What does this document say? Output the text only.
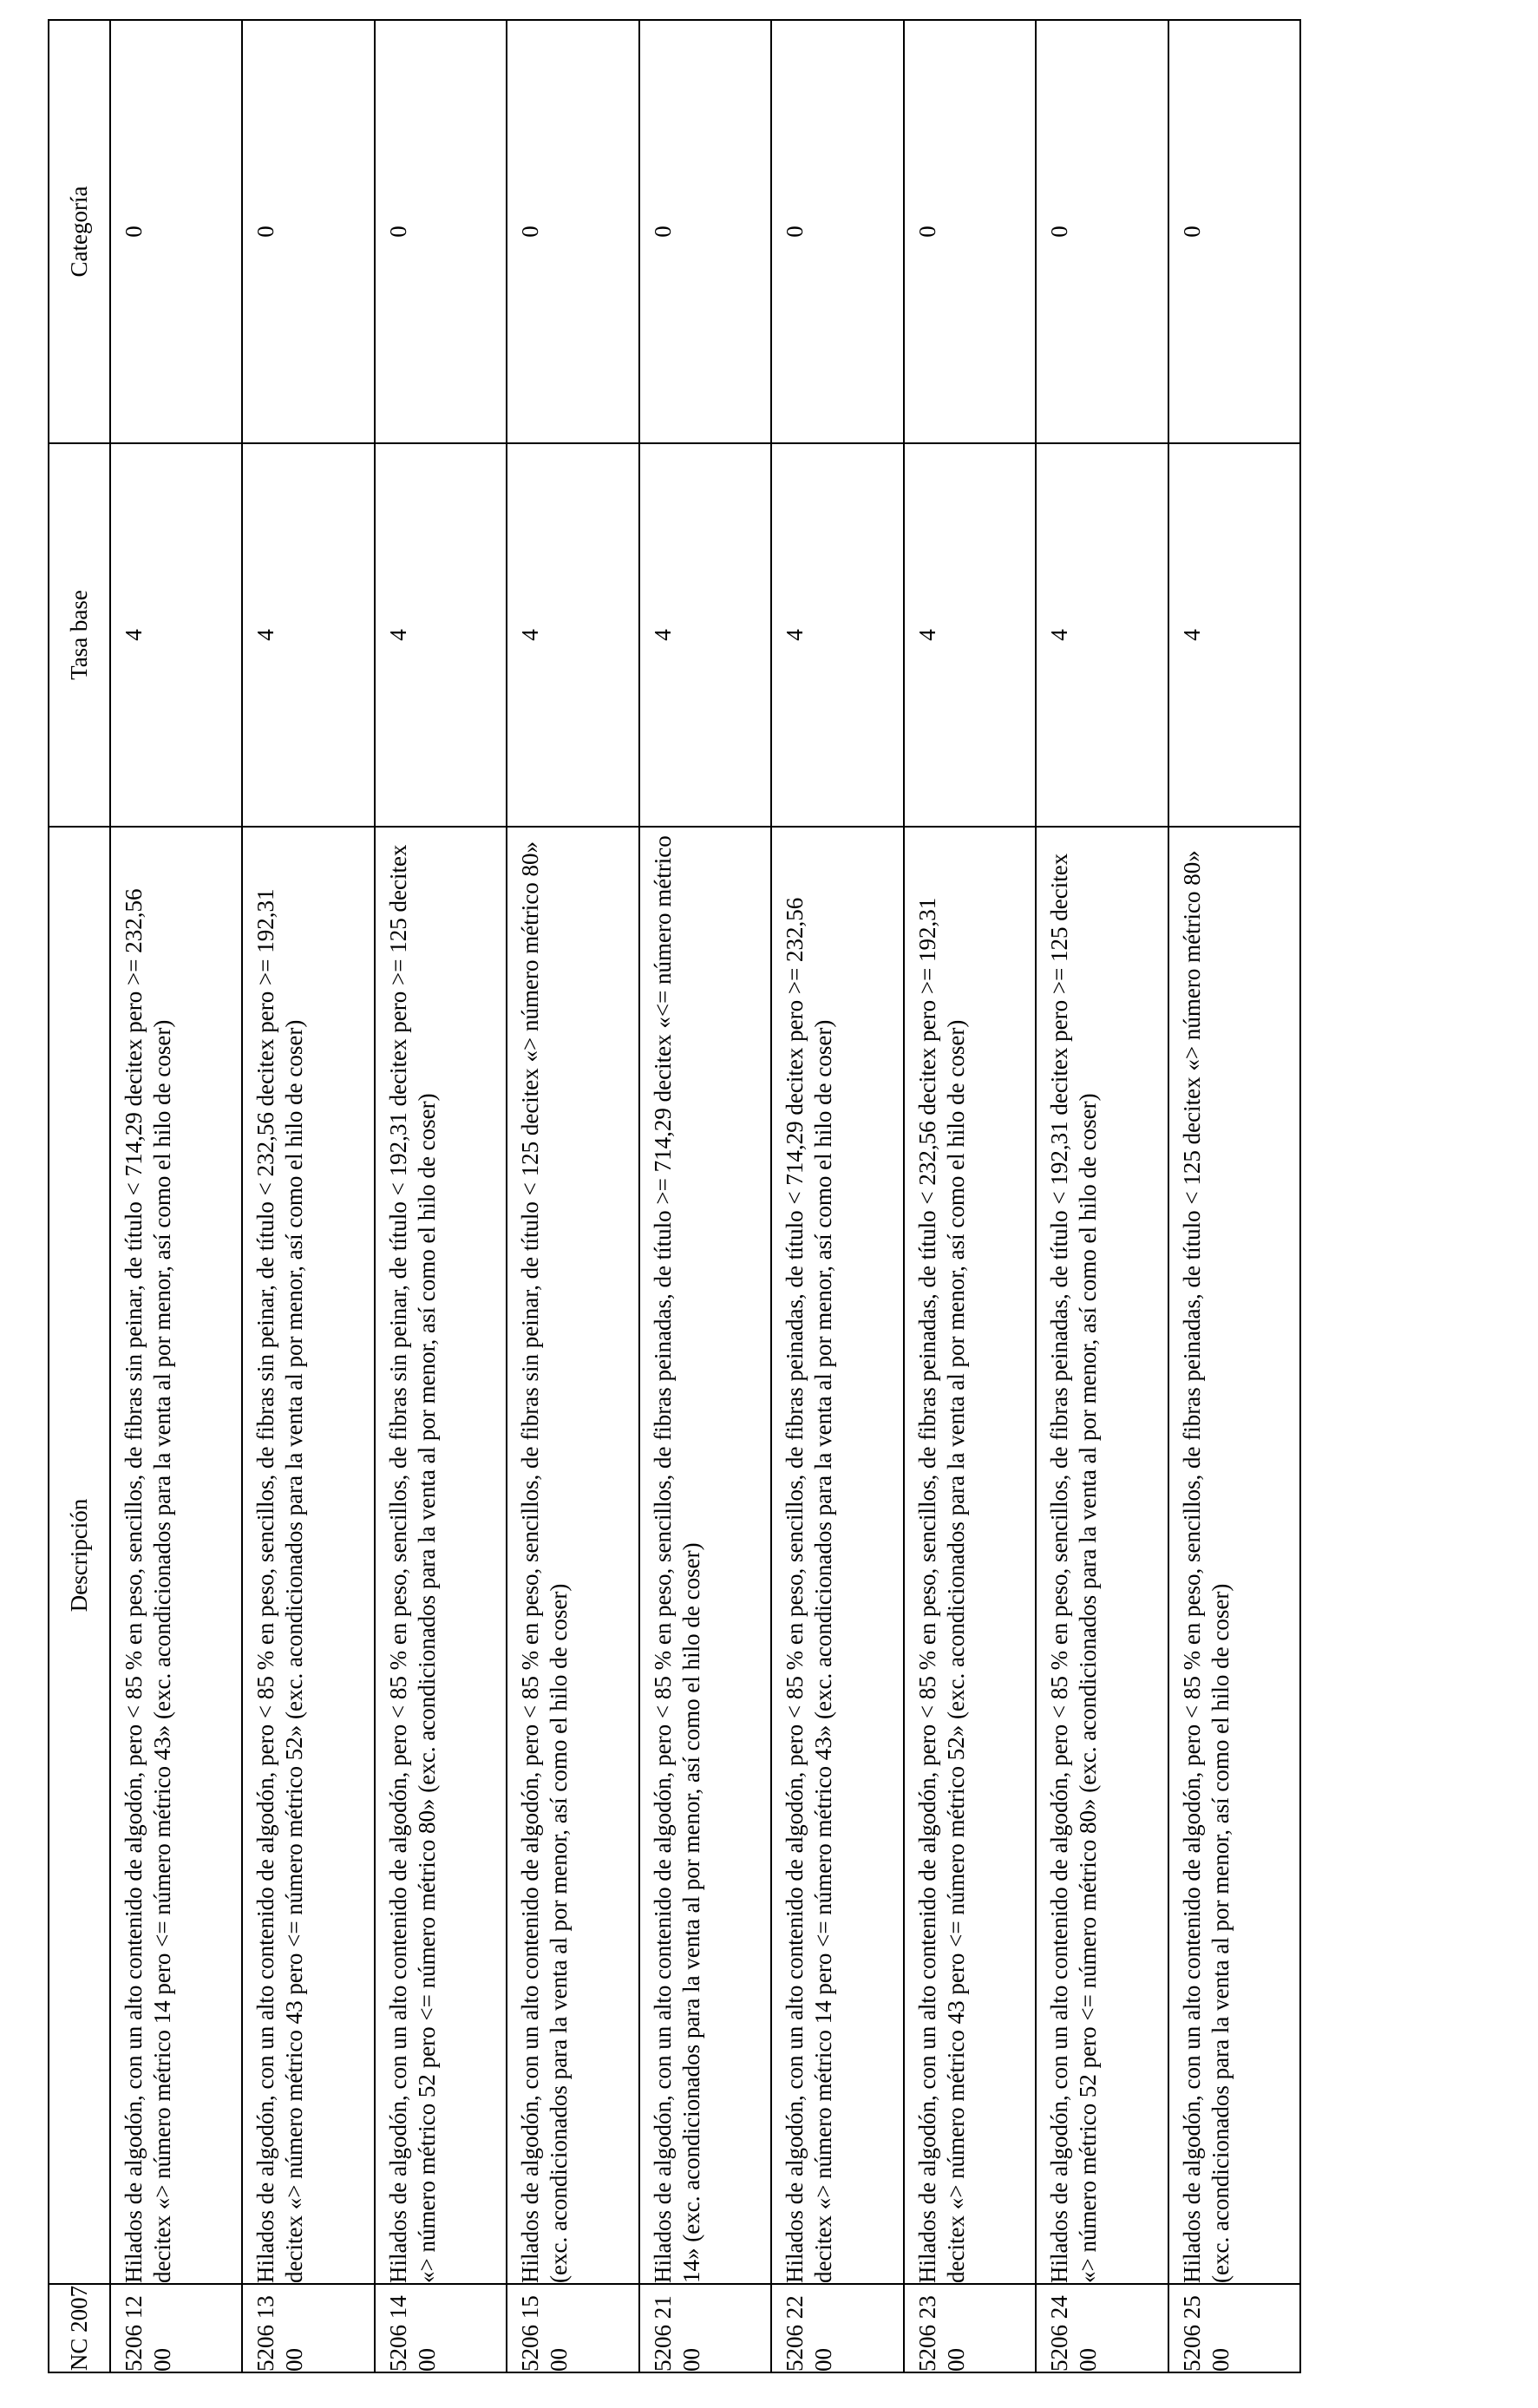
NC 2007	Descripción	Tasa base	Categoría
5206 12 00	Hilados de algodón, con un alto contenido de algodón, pero < 85 % en peso, sencillos, de fibras sin peinar, de título < 714,29 decitex pero >= 232,56 decitex «> número métrico 14 pero <= número métrico 43» (exc. acondicionados para la venta al por menor, así como el hilo de coser)	4	0
5206 13 00	Hilados de algodón, con un alto contenido de algodón, pero < 85 % en peso, sencillos, de fibras sin peinar, de título < 232,56 decitex pero >= 192,31 decitex «> número métrico 43 pero <= número métrico 52» (exc. acondicionados para la venta al por menor, así como el hilo de coser)	4	0
5206 14 00	Hilados de algodón, con un alto contenido de algodón, pero < 85 % en peso, sencillos, de fibras sin peinar, de título < 192,31 decitex pero >= 125 decitex «> número métrico 52 pero <= número métrico 80» (exc. acondicionados para la venta al por menor, así como el hilo de coser)	4	0
5206 15 00	Hilados de algodón, con un alto contenido de algodón, pero < 85 % en peso, sencillos, de fibras sin peinar, de título < 125 decitex «> número métrico 80» (exc. acondicionados para la venta al por menor, así como el hilo de coser)	4	0
5206 21 00	Hilados de algodón, con un alto contenido de algodón, pero < 85 % en peso, sencillos, de fibras peinadas, de título >= 714,29 decitex «<= número métrico 14» (exc. acondicionados para la venta al por menor, así como el hilo de coser)	4	0
5206 22 00	Hilados de algodón, con un alto contenido de algodón, pero < 85 % en peso, sencillos, de fibras peinadas, de título < 714,29 decitex pero >= 232,56 decitex «> número métrico 14 pero <= número métrico 43» (exc. acondicionados para la venta al por menor, así como el hilo de coser)	4	0
5206 23 00	Hilados de algodón, con un alto contenido de algodón, pero < 85 % en peso, sencillos, de fibras peinadas, de título < 232,56 decitex pero >= 192,31 decitex «> número métrico 43 pero <= número métrico 52» (exc. acondicionados para la venta al por menor, así como el hilo de coser)	4	0
5206 24 00	Hilados de algodón, con un alto contenido de algodón, pero < 85 % en peso, sencillos, de fibras peinadas, de título < 192,31 decitex pero >= 125 decitex «> número métrico 52 pero <= número métrico 80» (exc. acondicionados para la venta al por menor, así como el hilo de coser)	4	0
5206 25 00	Hilados de algodón, con un alto contenido de algodón, pero < 85 % en peso, sencillos, de fibras peinadas, de título < 125 decitex «> número métrico 80» (exc. acondicionados para la venta al por menor, así como el hilo de coser)	4	0
